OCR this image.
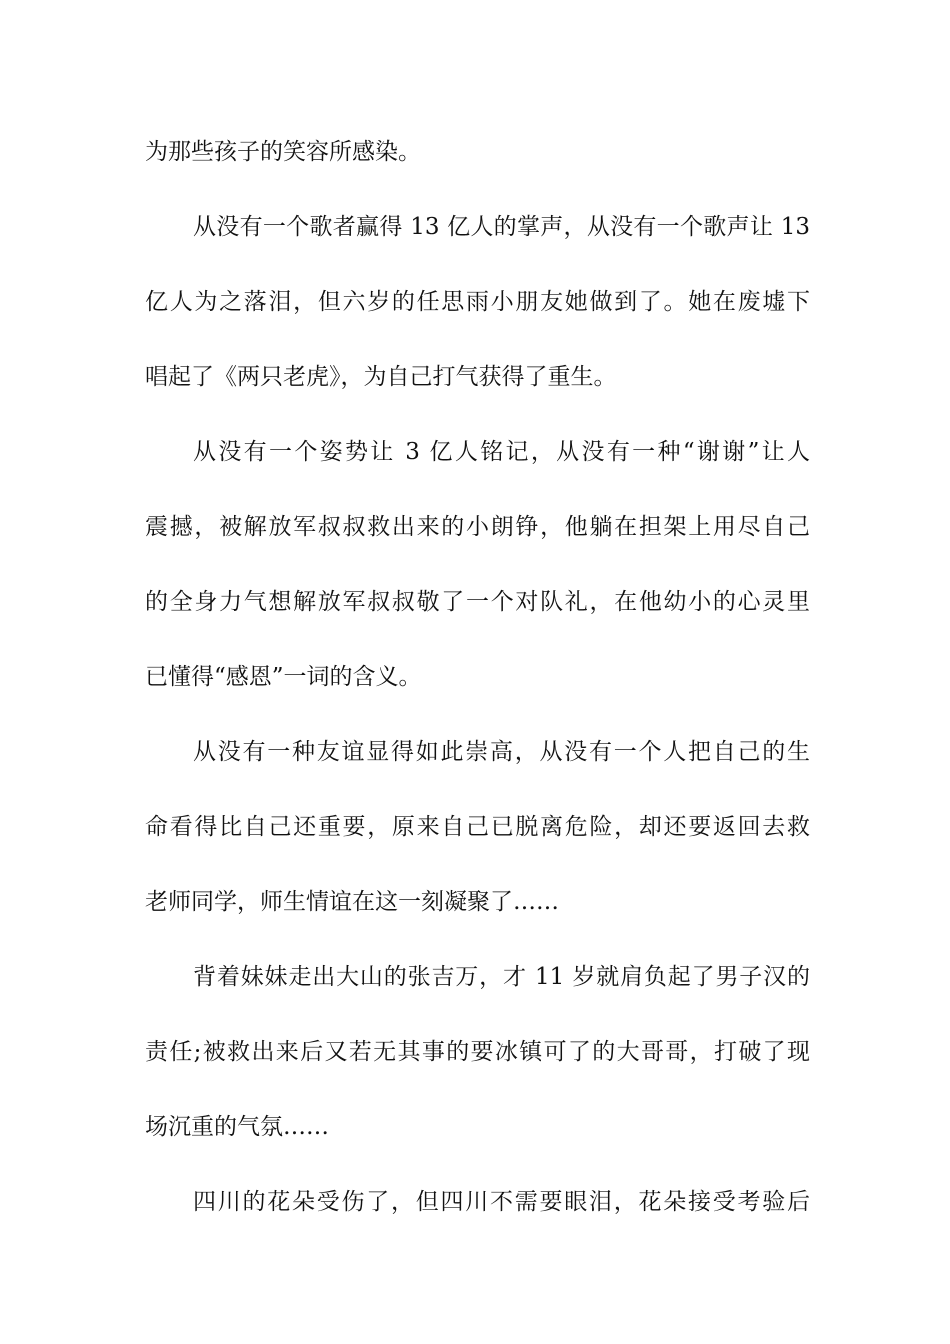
为那些孩子的笑容所感染。
从没有一个歌者赢得 13 亿人的掌声，从没有一个歌声让 13
亿人为之落泪，但六岁的任思雨小朋友她做到了。她在废墟下
唱起了《两只老虎》，为自己打气获得了重生。
从没有一个姿势让 3 亿人铭记，从没有一种“谢谢”让人
震撼，被解放军叔叔救出来的小朗铮，他躺在担架上用尽自己
的全身力气想解放军叔叔敬了一个对队礼，在他幼小的心灵里
已懂得“感恩”一词的含义。
从没有一种友谊显得如此崇高，从没有一个人把自己的生
命看得比自己还重要，原来自己已脱离危险，却还要返回去救
老师同学，师生情谊在这一刻凝聚了……
背着妹妹走出大山的张吉万，才 11 岁就肩负起了男子汉的
责任;被救出来后又若无其事的要冰镇可了的大哥哥，打破了现
场沉重的气氛……
四川的花朵受伤了，但四川不需要眼泪，花朵接受考验后
